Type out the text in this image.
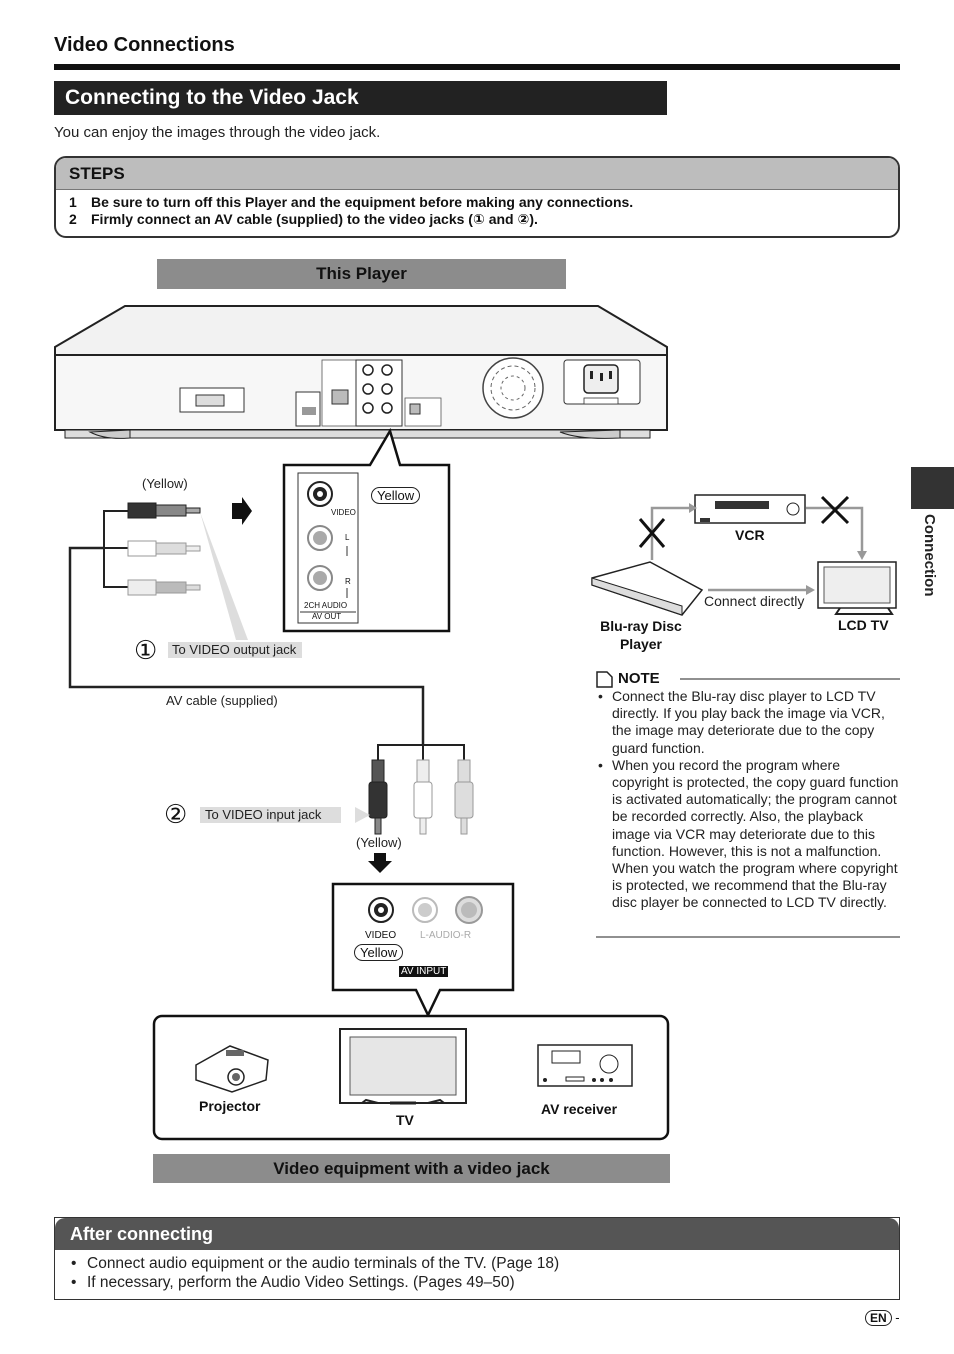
Video Connections
Connecting to the Video Jack
You can enjoy the images through the video jack.
STEPS
1 Be sure to turn off this Player and the equipment before making any connections.
2 Firmly connect an AV cable (supplied) to the video jacks (① and ②).
This Player
(Yellow)
Yellow
VIDEO
L
R
2CH AUDIO
AV OUT
①	To VIDEO output jack
AV cable (supplied)
②	To VIDEO input jack
(Yellow)
VIDEO L-AUDIO-R
Yellow
AV INPUT
Projector
TV
AV receiver
Video equipment with a video jack
VCR
Blu-ray Disc Player
LCD TV
Connect directly
NOTE
• Connect the Blu-ray disc player to LCD TV directly. If you play back the image via VCR, the image may deteriorate due to the copy guard function.
• When you record the program where copyright is protected, the copy guard function is activated automatically; the program cannot be recorded correctly. Also, the playback image via VCR may deteriorate due to this function. However, this is not a malfunction. When you watch the program where copyright is protected, we recommend that the Blu-ray disc player be connected to LCD TV directly.
After connecting
• Connect audio equipment or the audio terminals of the TV. (Page 18)
• If necessary, perform the Audio Video Settings. (Pages 49–50)
Connection
EN -
